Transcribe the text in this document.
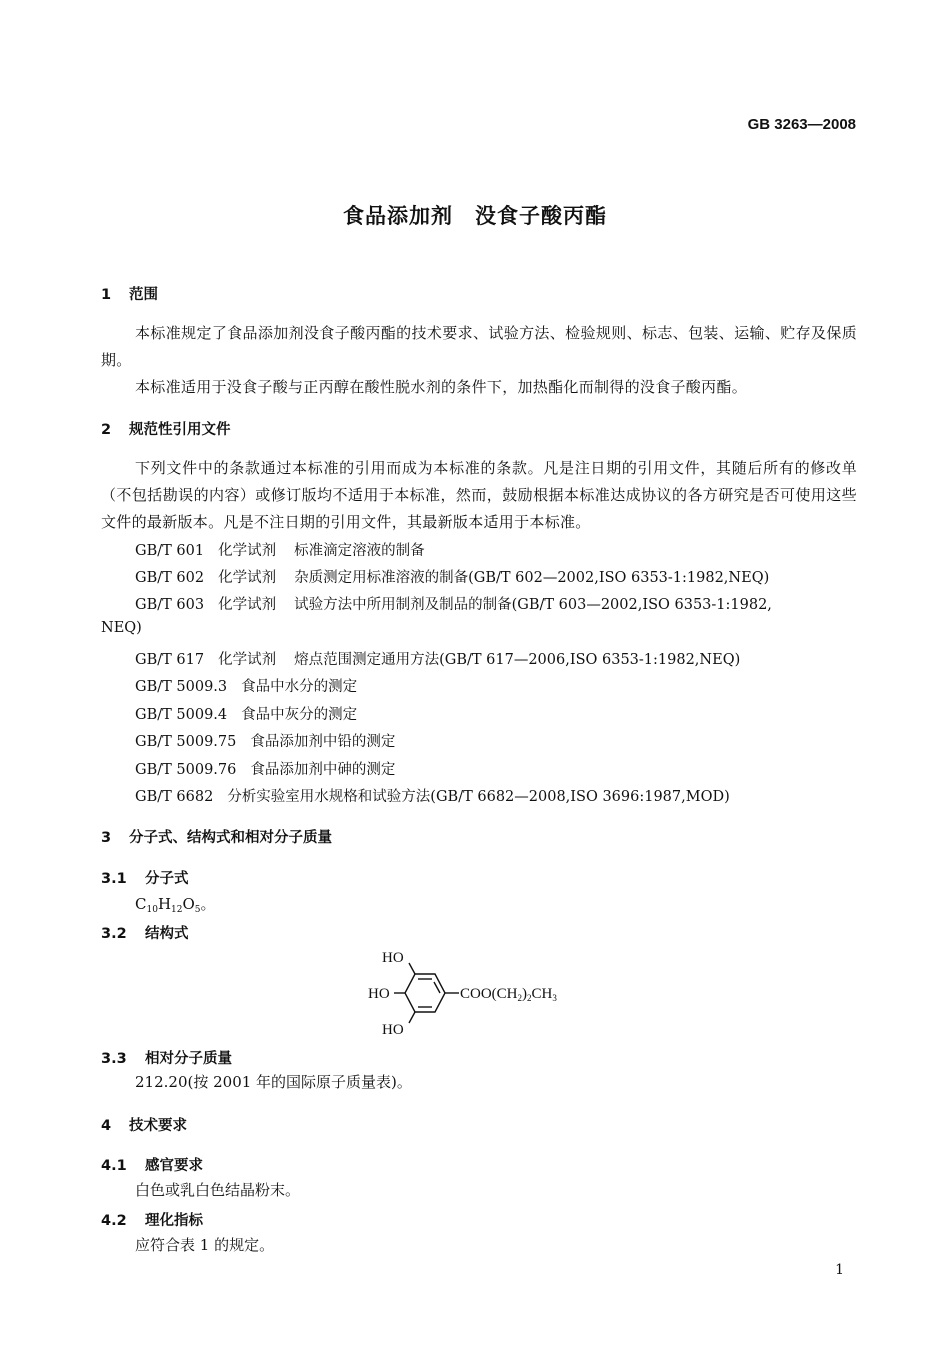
GB 3263—2008
食品添加剂　没食子酸丙酯
1 范围
本标准规定了食品添加剂没食子酸丙酯的技术要求、试验方法、检验规则、标志、包装、运输、贮存及保质期。
本标准适用于没食子酸与正丙醇在酸性脱水剂的条件下，加热酯化而制得的没食子酸丙酯。
2 规范性引用文件
下列文件中的条款通过本标准的引用而成为本标准的条款。凡是注日期的引用文件，其随后所有的修改单（不包括勘误的内容）或修订版均不适用于本标准，然而，鼓励根据本标准达成协议的各方研究是否可使用这些文件的最新版本。凡是不注日期的引用文件，其最新版本适用于本标准。
GB/T 601 化学试剂 标准滴定溶液的制备
GB/T 602 化学试剂 杂质测定用标准溶液的制备(GB/T 602—2002,ISO 6353-1:1982,NEQ)
GB/T 603 化学试剂 试验方法中所用制剂及制品的制备(GB/T 603—2002,ISO 6353-1:1982,
NEQ)
GB/T 617 化学试剂 熔点范围测定通用方法(GB/T 617—2006,ISO 6353-1:1982,NEQ)
GB/T 5009.3 食品中水分的测定
GB/T 5009.4 食品中灰分的测定
GB/T 5009.75 食品添加剂中铅的测定
GB/T 5009.76 食品添加剂中砷的测定
GB/T 6682 分析实验室用水规格和试验方法(GB/T 6682—2008,ISO 3696:1987,MOD)
3 分子式、结构式和相对分子质量
3.1 分子式
$C_{10}H_{12}O_5$。
3.2 结构式
HO
HO
HO
$COO(CH_2)_2CH_3$
3.3 相对分子质量
212.20(按 2001 年的国际原子质量表)。
4 技术要求
4.1 感官要求
白色或乳白色结晶粉末。
4.2 理化指标
应符合表 1 的规定。
1
